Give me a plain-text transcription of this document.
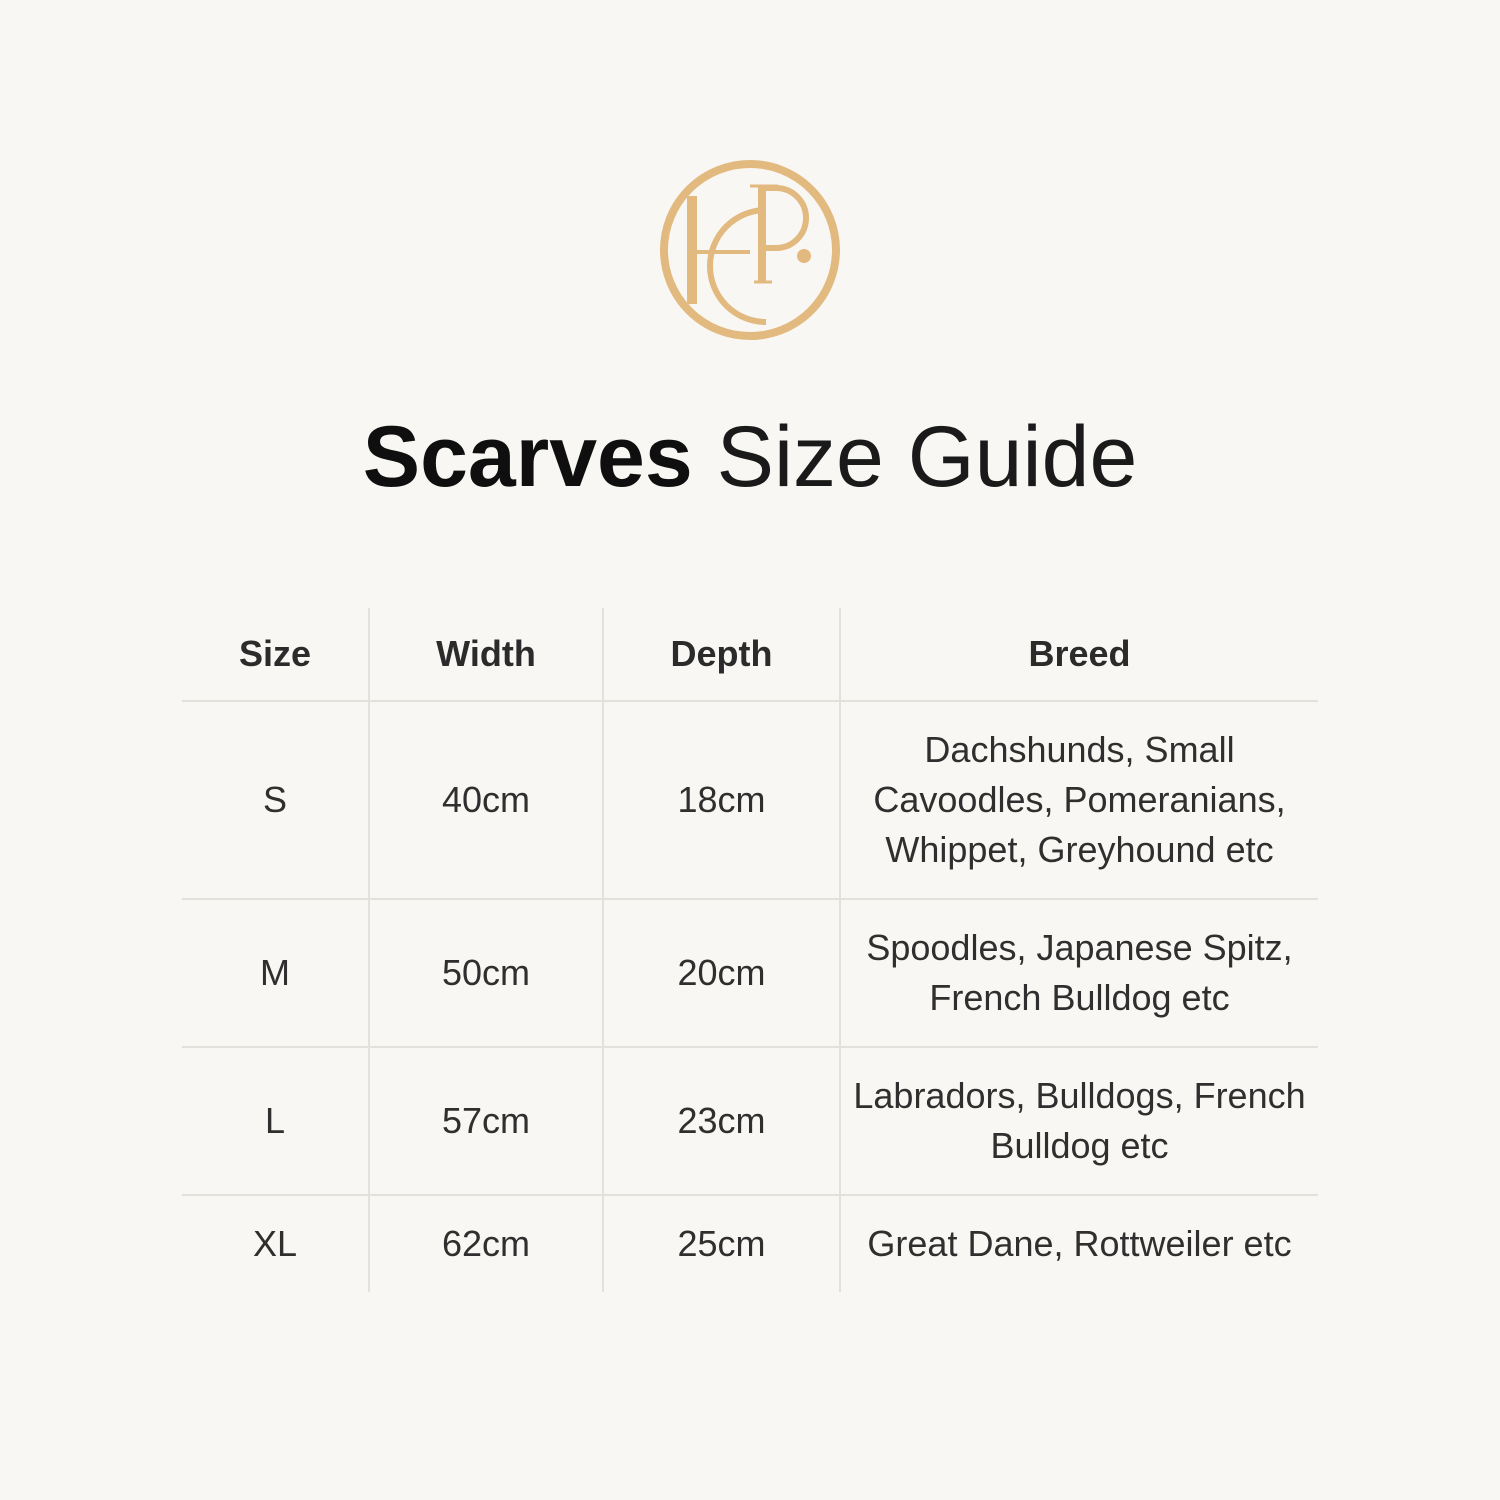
Scarves Size Guide
Size	Width	Depth	Breed
S	40cm	18cm	Dachshunds, Small Cavoodles, Pomeranians, Whippet, Greyhound etc
M	50cm	20cm	Spoodles, Japanese Spitz, French Bulldog etc
L	57cm	23cm	Labradors, Bulldogs, French Bulldog etc
XL	62cm	25cm	Great Dane, Rottweiler etc
